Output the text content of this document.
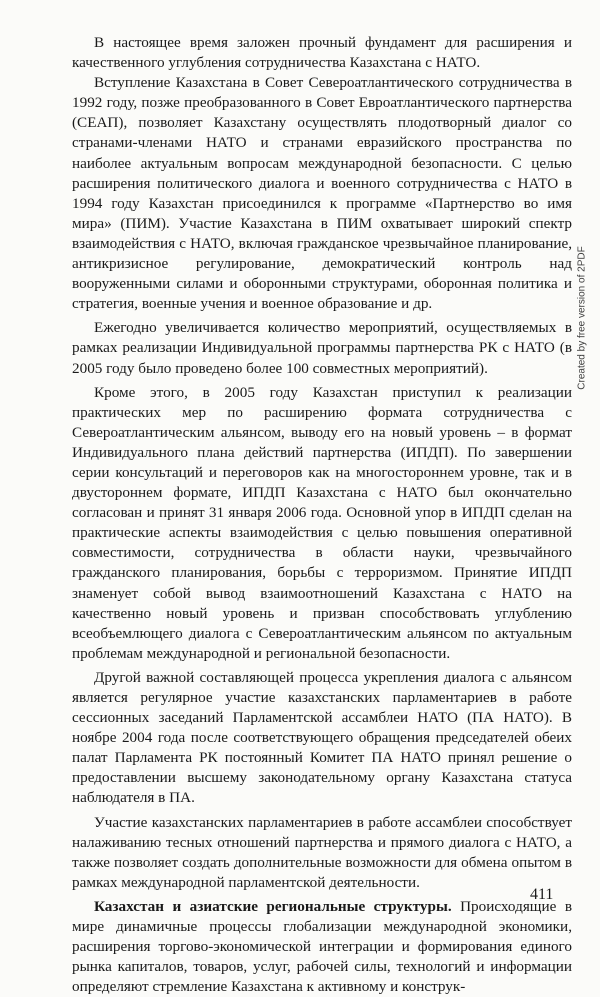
В настоящее время заложен прочный фундамент для расширения и качественного углубления сотрудничества Казахстана с НАТО.

Вступление Казахстана в Совет Североатлантического сотрудничества в 1992 году, позже преобразованного в Совет Евроатлантического партнерства (СЕАП), позволяет Казахстану осуществлять плодотворный диалог со странами-членами НАТО и странами евразийского пространства по наиболее актуальным вопросам международной безопасности. С целью расширения политического диалога и военного сотрудничества с НАТО в 1994 году Казахстан присоединился к программе «Партнерство во имя мира» (ПИМ). Участие Казахстана в ПИМ охватывает широкий спектр взаимодействия с НАТО, включая гражданское чрезвычайное планирование, антикризисное регулирование, демократический контроль над вооруженными силами и оборонными структурами, оборонная политика и стратегия, военные учения и военное образование и др.

Ежегодно увеличивается количество мероприятий, осуществляемых в рамках реализации Индивидуальной программы партнерства РК с НАТО (в 2005 году было проведено более 100 совместных мероприятий).

Кроме этого, в 2005 году Казахстан приступил к реализации практических мер по расширению формата сотрудничества с Североатлантическим альянсом, выводу его на новый уровень – в формат Индивидуального плана действий партнерства (ИПДП). По завершении серии консультаций и переговоров как на многостороннем уровне, так и в двустороннем формате, ИПДП Казахстана с НАТО был окончательно согласован и принят 31 января 2006 года. Основной упор в ИПДП сделан на практические аспекты взаимодействия с целью повышения оперативной совместимости, сотрудничества в области науки, чрезвычайного гражданского планирования, борьбы с терроризмом. Принятие ИПДП знаменует собой вывод взаимоотношений Казахстана с НАТО на качественно новый уровень и призван способствовать углублению всеобъемлющего диалога с Североатлантическим альянсом по актуальным проблемам международной и региональной безопасности.

Другой важной составляющей процесса укрепления диалога с альянсом является регулярное участие казахстанских парламентариев в работе сессионных заседаний Парламентской ассамблеи НАТО (ПА НАТО). В ноябре 2004 года после соответствующего обращения председателей обеих палат Парламента РК постоянный Комитет ПА НАТО принял решение о предоставлении высшему законодательному органу Казахстана статуса наблюдателя в ПА.

Участие казахстанских парламентариев в работе ассамблеи способствует налаживанию тесных отношений партнерства и прямого диалога с НАТО, а также позволяет создать дополнительные возможности для обмена опытом в рамках международной парламентской деятельности.

Казахстан и азиатские региональные структуры. Происходящие в мире динамичные процессы глобализации международной экономики, расширения торгово-экономической интеграции и формирования единого рынка капиталов, товаров, услуг, рабочей силы, технологий и информации определяют стремление Казахстана к активному и конструк-

Created by free version of 2PDF
411
